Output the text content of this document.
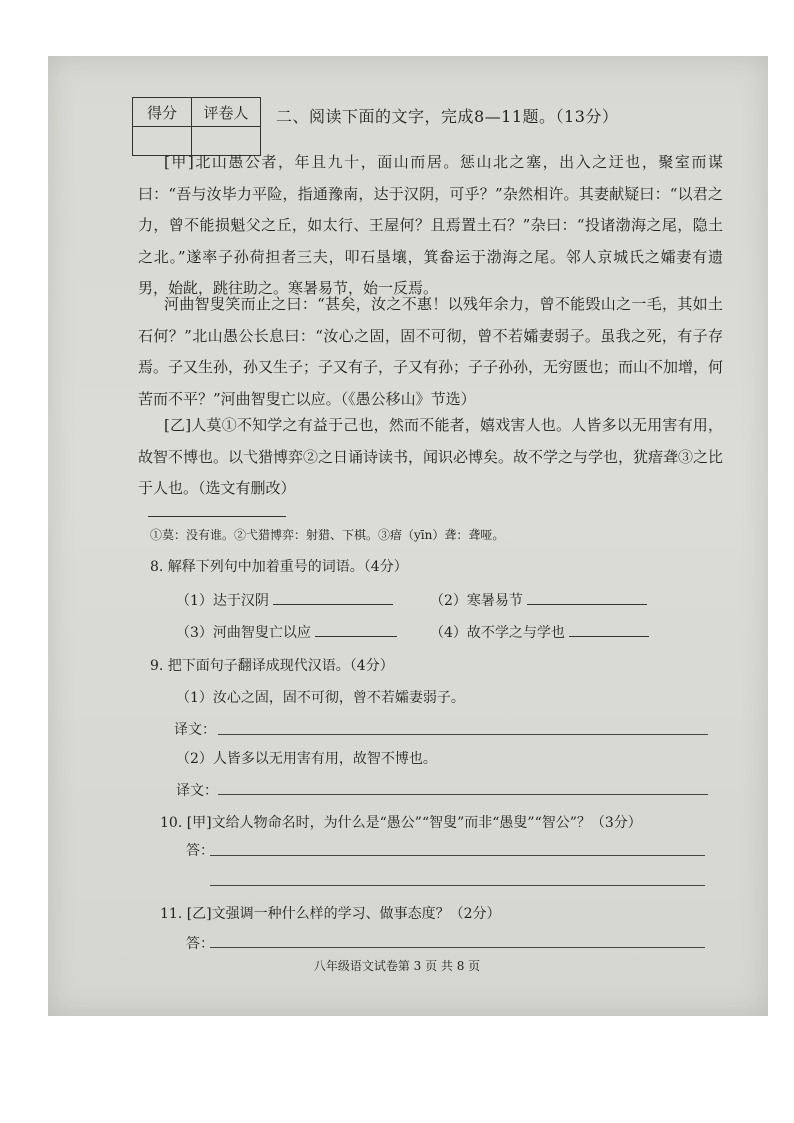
得分	评卷人
	二、阅读下面的文字，完成8—11题。（13分）
[甲]北山愚公者，年且九十，面山而居。惩山北之塞，出入之迂也，聚室而谋曰：“吾与汝毕力平险，指通豫南，达于汉阴，可乎？”杂然相许。其妻献疑曰：“以君之力，曾不能损魁父之丘，如太行、王屋何？且焉置土石？”杂曰：“投诸渤海之尾，隐土之北。”遂率子孙荷担者三夫，叩石垦壤，箕畚运于渤海之尾。邻人京城氏之孀妻有遗男，始龀，跳往助之。寒暑易节，始一反焉。
河曲智叟笑而止之曰：“甚矣，汝之不惠！以残年余力，曾不能毁山之一毛，其如土石何？”北山愚公长息曰：“汝心之固，固不可彻，曾不若孀妻弱子。虽我之死，有子存焉。子又生孙，孙又生子；子又有子，子又有孙；子子孙孙，无穷匮也；而山不加增，何苦而不平？”河曲智叟亡以应。（《愚公移山》节选）
[乙]人莫①不知学之有益于己也，然而不能者，嬉戏害人也。人皆多以无用害有用，故智不博也。以弋猎博弈②之日诵诗读书，闻识必博矣。故不学之与学也，犹瘖聋③之比于人也。（选文有删改）
①莫：没有谁。②弋猎博弈：射猎、下棋。③瘖（yīn）聋：聋哑。
8. 解释下列句中加着重号的词语。（4分）
（1）达于汉阴	（2）寒暑易节
（3）河曲智叟亡以应	（4）故不学之与学也
9. 把下面句子翻译成现代汉语。（4分）
（1）汝心之固，固不可彻，曾不若孀妻弱子。
译文：
（2）人皆多以无用害有用，故智不博也。
译文：
10. [甲]文给人物命名时，为什么是“愚公”“智叟”而非“愚叟”“智公”？（3分）
答：
11. [乙]文强调一种什么样的学习、做事态度？（2分）
答：
八年级语文试卷第 3 页 共 8 页
